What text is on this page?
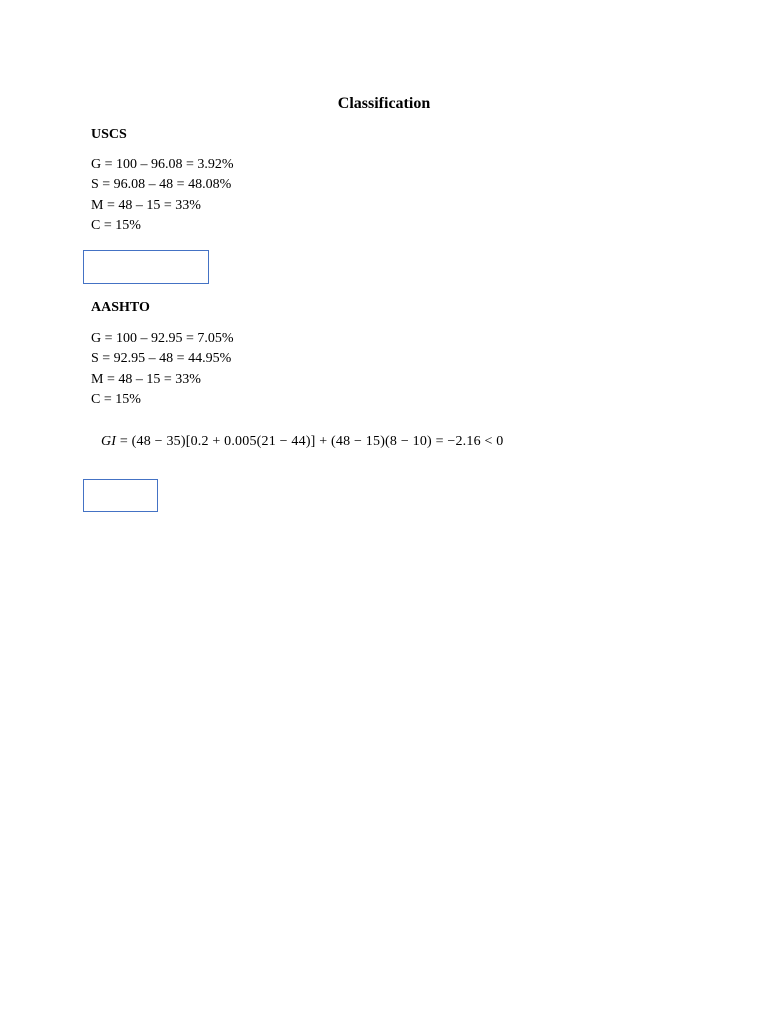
Classification
USCS
G = 100 – 96.08 = 3.92%
S = 96.08 – 48 = 48.08%
M = 48 – 15 = 33%
C = 15%
AASHTO
G = 100 – 92.95 = 7.05%
S = 92.95 – 48 = 44.95%
M = 48 – 15 = 33%
C = 15%
GI = (48 − 35)[0.2 + 0.005(21 − 44)] + (48 − 15)(8 − 10) = −2.16 < 0
